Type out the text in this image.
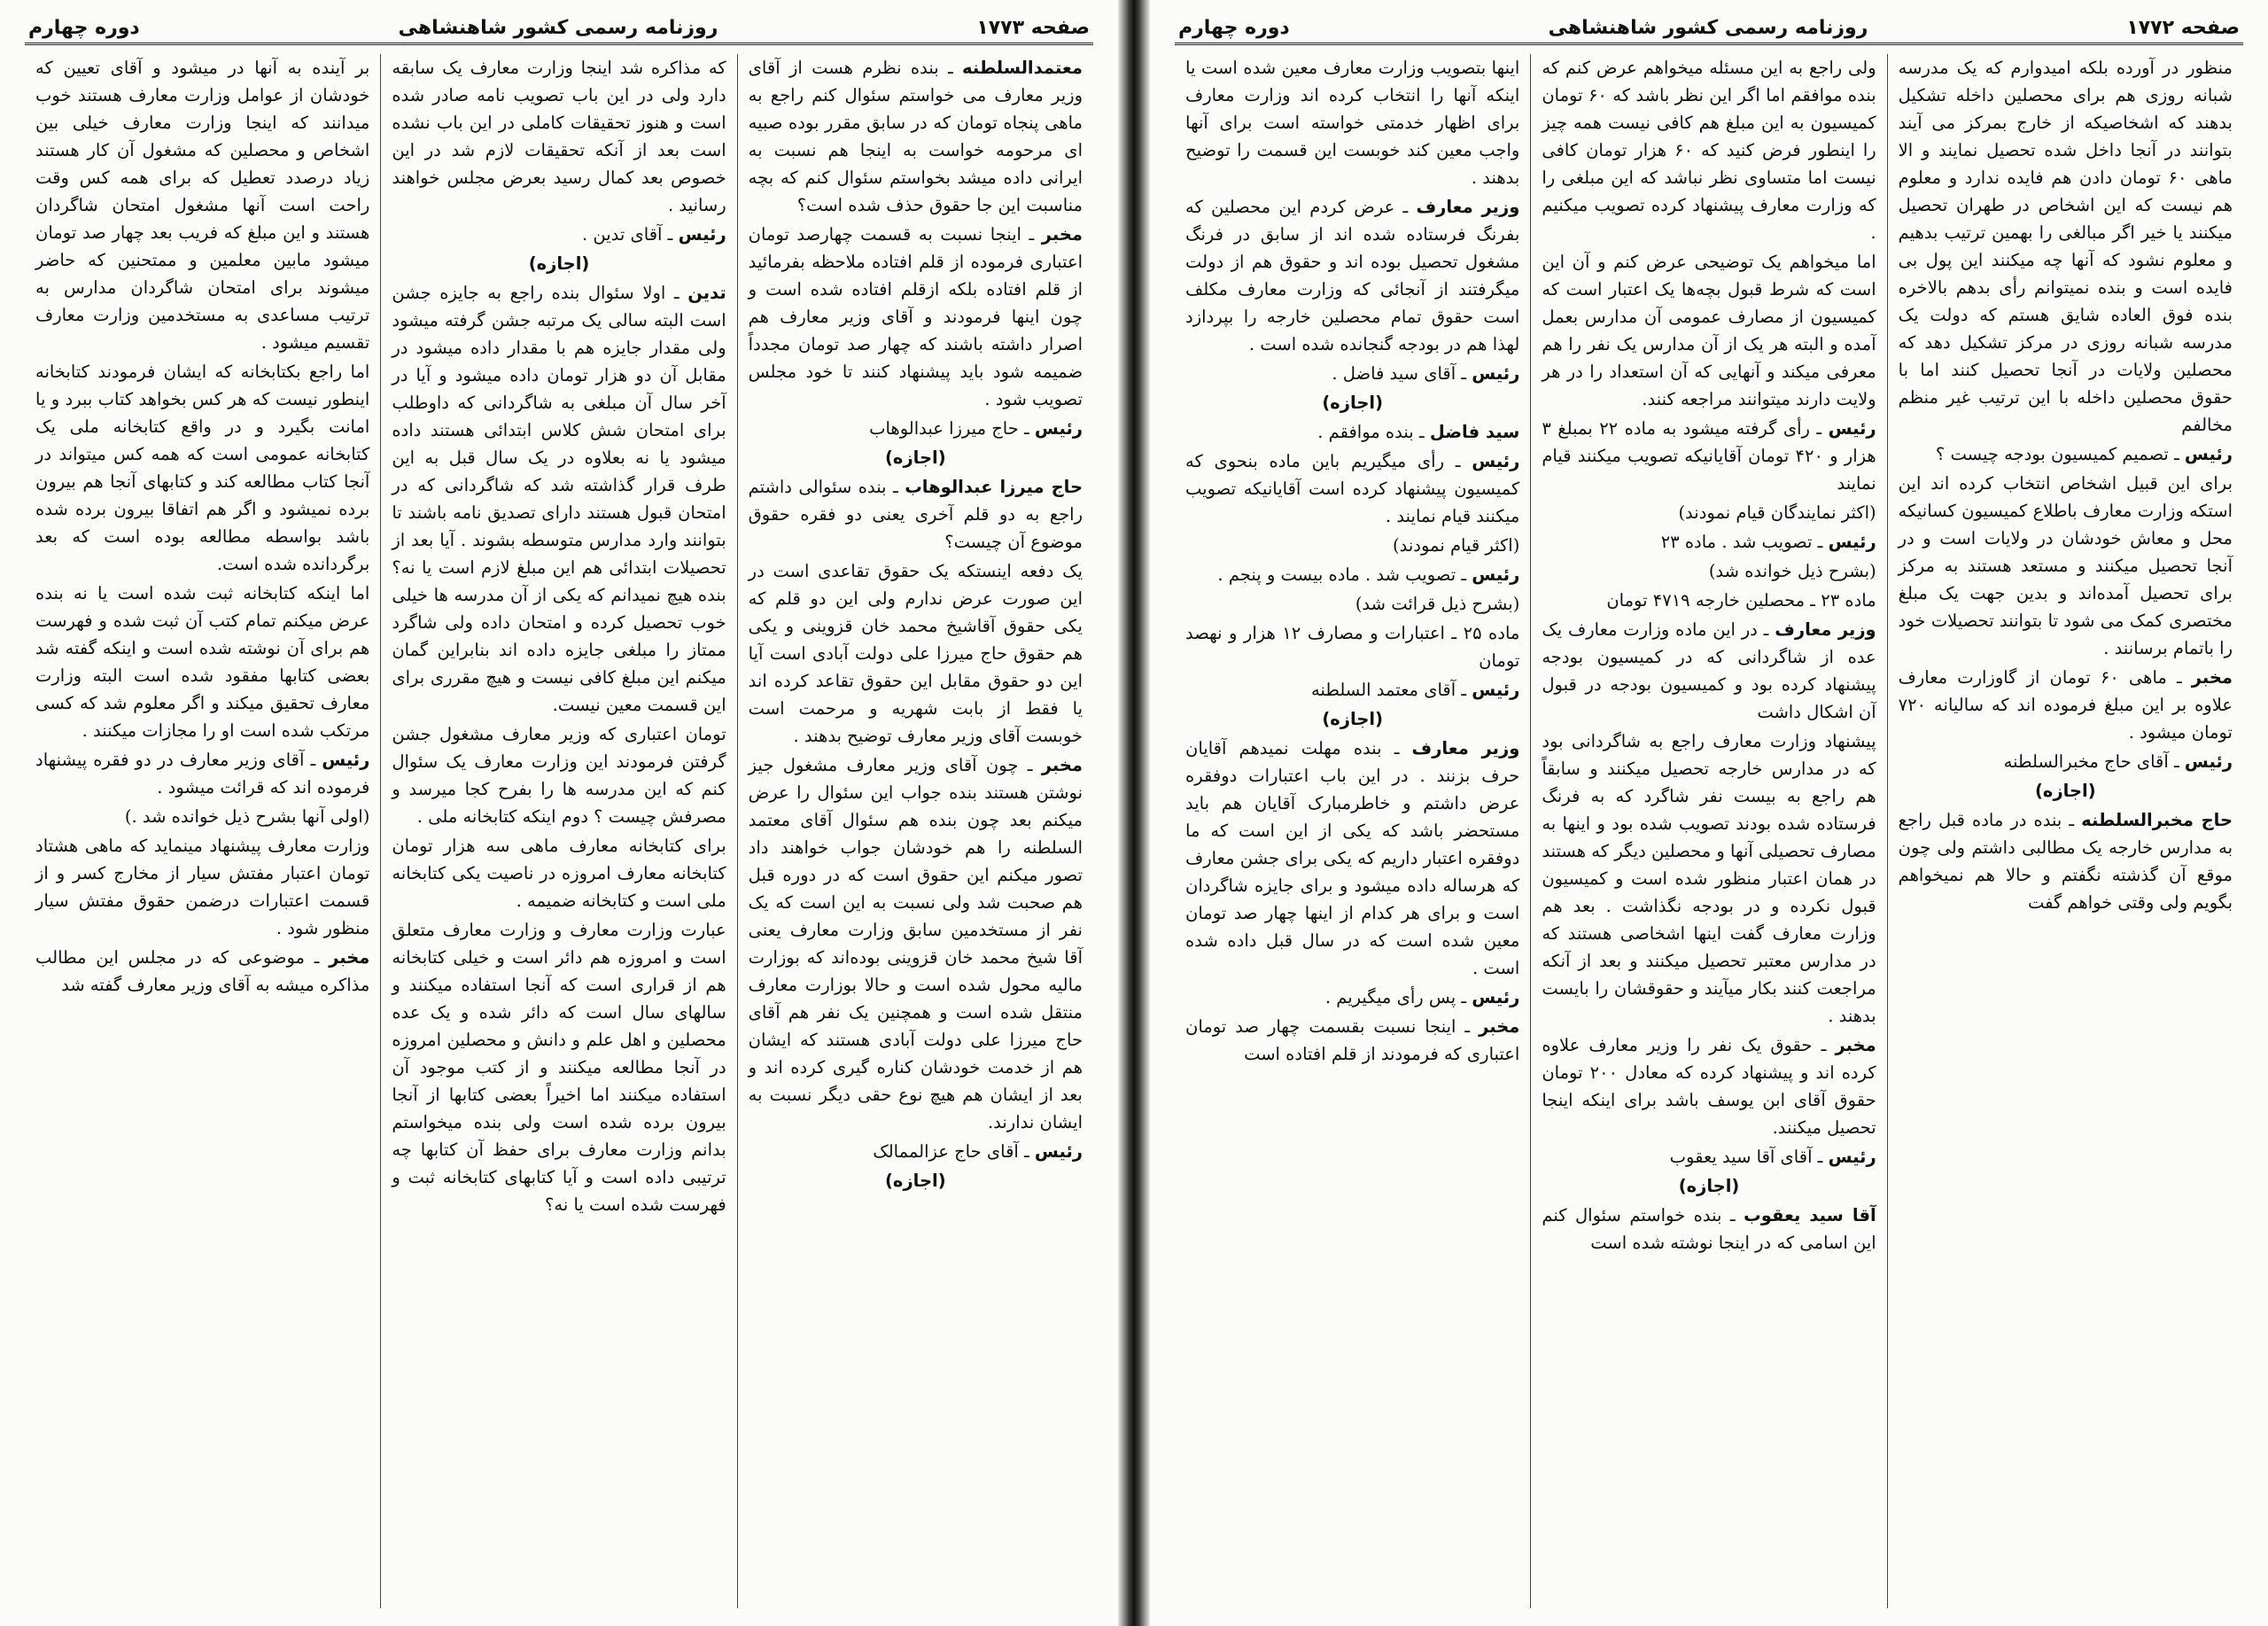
صفحه ۱۷۷۳
روزنامه رسمی کشور شاهنشاهی
دوره چهارم

معتمدالسلطنه ـ بنده نظرم هست از آقای وزیر معارف می خواستم سئوال کنم راجع به ماهی پنجاه تومان که در سابق مقرر بوده صبیه ای مرحومه خواست به اینجا هم نسبت به ایرانی داده میشد بخواستم سئوال کنم که بچه مناسبت این جا حقوق حذف شده است؟

مخبر ـ اینجا نسبت به قسمت چهارصد تومان اعتباری فرموده از قلم افتاده ملاحظه بفرمائید از قلم افتاده بلکه ازقلم افتاده شده است و چون اینها فرمودند و آقای وزیر معارف هم اصرار داشته باشند که چهار صد تومان مجدداً ضمیمه شود باید پیشنهاد کنند تا خود مجلس تصویب شود .

رئیس ـ حاج میرزا عبدالوهاب

(اجازه)

حاج میرزا عبدالوهاب ـ بنده سئوالی داشتم راجع به دو قلم آخری یعنی دو فقره حقوق موضوع آن چیست؟

یک دفعه اینستکه یک حقوق تقاعدی است در این صورت عرض ندارم ولی این دو قلم که یکی حقوق آقاشیخ محمد خان قزوینی و یکی هم حقوق حاج میرزا علی دولت آبادی است آیا این دو حقوق مقابل این حقوق تقاعد کرده اند یا فقط از بابت شهریه و مرحمت است خوبست آقای وزیر معارف توضیح بدهند .

مخبر ـ چون آقای وزیر معارف مشغول جیز نوشتن هستند بنده جواب این سئوال را عرض میکنم بعد چون بنده هم سئوال آقای معتمد السلطنه را هم خودشان جواب خواهند داد تصور میکنم این حقوق است که در دوره قبل هم صحبت شد ولی نسبت به این است که یک نفر از مستخدمین سابق وزارت معارف یعنی آقا شیخ محمد خان قزوینی بوده‌اند که بوزارت مالیه محول شده است و حالا بوزارت معارف منتقل شده است و همچنین یک نفر هم آقای حاج میرزا علی دولت آبادی هستند که ایشان هم از خدمت خودشان کناره گیری کرده اند و بعد از ایشان هم هیچ نوع حقی دیگر نسبت به ایشان ندارند.

رئیس ـ آقای حاج عزالممالک

(اجازه)

که مذاکره شد اینجا وزارت معارف یک سابقه دارد ولی در این باب تصویب نامه صادر شده است و هنوز تحقیقات کاملی در این باب نشده است بعد از آنکه تحقیقات لازم شد در این خصوص بعد کمال رسید بعرض مجلس خواهند رسانید .

رئیس ـ آقای تدین .

(اجازه)

تدین ـ اولا سئوال بنده راجع به جایزه جشن است البته سالی یک مرتبه جشن گرفته میشود ولی مقدار جایزه هم با مقدار داده میشود در مقابل آن دو هزار تومان داده میشود و آیا در آخر سال آن مبلغی به شاگردانی که داوطلب برای امتحان شش کلاس ابتدائی هستند داده میشود یا نه بعلاوه در یک سال قبل به این طرف قرار گذاشته شد که شاگردانی که در امتحان قبول هستند دارای تصدیق نامه باشند تا بتوانند وارد مدارس متوسطه بشوند . آیا بعد از تحصیلات ابتدائی هم این مبلغ لازم است یا نه؟ بنده هیچ نمیدانم که یکی از آن مدرسه ها خیلی خوب تحصیل کرده و امتحان داده ولی شاگرد ممتاز را مبلغی جایزه داده اند بنابراین گمان میکنم این مبلغ کافی نیست و هیچ مقرری برای این قسمت معین نیست.

تومان اعتباری که وزیر معارف مشغول جشن گرفتن فرمودند این وزارت معارف یک سئوال کنم که این مدرسه ها را بفرح کجا میرسد و مصرفش چیست ؟ دوم اینکه کتابخانه ملی .

برای کتابخانه معارف ماهی سه هزار تومان کتابخانه معارف امروزه در ناصیت یکی کتابخانه ملی است و کتابخانه ضمیمه .

عبارت وزارت معارف و وزارت معارف متعلق است و امروزه هم دائر است و خیلی کتابخانه هم از قراری است که آنجا استفاده میکنند و سالهای سال است که دائر شده و یک عده محصلین و اهل علم و دانش و محصلین امروزه در آنجا مطالعه میکنند و از کتب موجود آن استفاده میکنند اما اخیراً بعضی کتابها از آنجا بیرون برده شده است ولی بنده میخواستم بدانم وزارت معارف برای حفظ آن کتابها چه ترتیبی داده است و آیا کتابهای کتابخانه ثبت و فهرست شده است یا نه؟

بر آینده به آنها در میشود و آقای تعیین که خودشان از عوامل وزارت معارف هستند خوب میدانند که اینجا وزارت معارف خیلی بین اشخاص و محصلین که مشغول آن کار هستند زیاد درصدد تعطیل که برای همه کس وقت راحت است آنها مشغول امتحان شاگردان هستند و این مبلغ که فریب بعد چهار صد تومان میشود مابین معلمین و ممتحنین که حاضر میشوند برای امتحان شاگردان مدارس به ترتیب مساعدی به مستخدمین وزارت معارف تقسیم میشود .

اما راجع بکتابخانه که ایشان فرمودند کتابخانه اینطور نیست که هر کس بخواهد کتاب ببرد و یا امانت بگیرد و در واقع کتابخانه ملی یک کتابخانه عمومی است که همه کس میتواند در آنجا کتاب مطالعه کند و کتابهای آنجا هم بیرون برده نمیشود و اگر هم اتفاقا بیرون برده شده باشد بواسطه مطالعه بوده است که بعد برگردانده شده است.

اما اینکه کتابخانه ثبت شده است یا نه بنده عرض میکنم تمام کتب آن ثبت شده و فهرست هم برای آن نوشته شده است و اینکه گفته شد بعضی کتابها مفقود شده است البته وزارت معارف تحقیق میکند و اگر معلوم شد که کسی مرتکب شده است او را مجازات میکنند .

رئیس ـ آقای وزیر معارف در دو فقره پیشنهاد فرموده اند که قرائت میشود .

(اولی آنها بشرح ذیل خوانده شد .)

وزارت معارف پیشنهاد مینماید که ماهی هشتاد تومان اعتبار مفتش سیار از مخارج کسر و از قسمت اعتبارات درضمن حقوق مفتش سیار منظور شود .

مخبر ـ موضوعی که در مجلس این مطالب مذاکره میشه به آقای وزیر معارف گفته شد

صفحه ۱۷۷۲
روزنامه رسمی کشور شاهنشاهی
دوره چهارم

منظور در آورده بلکه امیدوارم که یک مدرسه شبانه روزی هم برای محصلین داخله تشکیل بدهند که اشخاصیکه از خارج بمرکز می آیند بتوانند در آنجا داخل شده تحصیل نمایند و الا ماهی ۶۰ تومان دادن هم فایده ندارد و معلوم هم نیست که این اشخاص در طهران تحصیل میکنند یا خیر اگر مبالغی را بهمین ترتیب بدهیم و معلوم نشود که آنها چه میکنند این پول بی فایده است و بنده نمیتوانم رأی بدهم بالاخره بنده فوق العاده شایق هستم که دولت یک مدرسه شبانه روزی در مرکز تشکیل دهد که محصلین ولایات در آنجا تحصیل کنند اما با حقوق محصلین داخله با این ترتیب غیر منظم مخالفم

رئیس ـ تصمیم کمیسیون بودجه چیست ؟

برای این قبیل اشخاص انتخاب کرده اند این استکه وزارت معارف باطلاع کمیسیون کسانیکه محل و معاش خودشان در ولایات است و در آنجا تحصیل میکنند و مستعد هستند به مرکز برای تحصیل آمده‌اند و بدین جهت یک مبلغ مختصری کمک می شود تا بتوانند تحصیلات خود را باتمام برسانند .

مخبر ـ ماهی ۶۰ تومان از گاوزارت معارف علاوه بر این مبلغ فرموده اند که سالیانه ۷۲۰ تومان میشود .

رئیس ـ آقای حاج مخبرالسلطنه

(اجازه)

حاج مخبرالسلطنه ـ بنده در ماده قبل راجع به مدارس خارجه یک مطالبی داشتم ولی چون موقع آن گذشته نگفتم و حالا هم نمیخواهم بگویم ولی وقتی خواهم گفت

ولی راجع به این مسئله میخواهم عرض کنم که بنده موافقم اما اگر این نظر باشد که ۶۰ تومان کمیسیون به این مبلغ هم کافی نیست همه چیز را اینطور فرض کنید که ۶۰ هزار تومان کافی نیست اما متساوی نظر نباشد که این مبلغی را که وزارت معارف پیشنهاد کرده تصویب میکنیم .

اما میخواهم یک توضیحی عرض کنم و آن این است که شرط قبول بچه‌ها یک اعتبار است که کمیسیون از مصارف عمومی آن مدارس بعمل آمده و البته هر یک از آن مدارس یک نفر را هم معرفی میکند و آنهایی که آن استعداد را در هر ولایت دارند میتوانند مراجعه کنند.

رئیس ـ رأی گرفته میشود به ماده ۲۲ بمبلغ ۳ هزار و ۴۲۰ تومان آقایانیکه تصویب میکنند قیام نمایند

(اکثر نمایندگان قیام نمودند)

رئیس ـ تصویب شد . ماده ۲۳

(بشرح ذیل خوانده شد)

ماده ۲۳ ـ محصلین خارجه ۴۷۱۹ تومان

وزیر معارف ـ در این ماده وزارت معارف یک عده از شاگردانی که در کمیسیون بودجه پیشنهاد کرده بود و کمیسیون بودجه در قبول آن اشکال داشت

پیشنهاد وزارت معارف راجع به شاگردانی بود که در مدارس خارجه تحصیل میکنند و سابقاً هم راجع به بیست نفر شاگرد که به فرنگ فرستاده شده بودند تصویب شده بود و اینها به مصارف تحصیلی آنها و محصلین دیگر که هستند در همان اعتبار منظور شده است و کمیسیون قبول نکرده و در بودجه نگذاشت . بعد هم وزارت معارف گفت اینها اشخاصی هستند که در مدارس معتبر تحصیل میکنند و بعد از آنکه مراجعت کنند بکار میآیند و حقوقشان را بایست بدهند .

مخبر ـ حقوق یک نفر را وزیر معارف علاوه کرده اند و پیشنهاد کرده که معادل ۲۰۰ تومان حقوق آقای ابن یوسف باشد برای اینکه اینجا تحصیل میکنند.

رئیس ـ آقای آقا سید یعقوب

(اجازه)

آقا سید یعقوب ـ بنده خواستم سئوال کنم این اسامی که در اینجا نوشته شده است

اینها بتصویب وزارت معارف معین شده است یا اینکه آنها را انتخاب کرده اند وزارت معارف برای اظهار خدمتی خواسته است برای آنها واجب معین کند خوبست این قسمت را توضیح بدهند .

وزیر معارف ـ عرض کردم این محصلین که بفرنگ فرستاده شده اند از سابق در فرنگ مشغول تحصیل بوده اند و حقوق هم از دولت میگرفتند از آنجائی که وزارت معارف مکلف است حقوق تمام محصلین خارجه را بپردازد لهذا هم در بودجه گنجانده شده است .

رئیس ـ آقای سید فاضل .

(اجازه)

سید فاضل ـ بنده موافقم .

رئیس ـ رأی میگیریم باین ماده بنحوی که کمیسیون پیشنهاد کرده است آقایانیکه تصویب میکنند قیام نمایند .

(اکثر قیام نمودند)

رئیس ـ تصویب شد . ماده بیست و پنجم .

(بشرح ذیل قرائت شد)

ماده ۲۵ ـ اعتبارات و مصارف ۱۲ هزار و نهصد تومان

رئیس ـ آقای معتمد السلطنه

(اجازه)

وزیر معارف ـ بنده مهلت نمیدهم آقایان حرف بزنند . در این باب اعتبارات دوفقره عرض داشتم و خاطرمبارک آقایان هم باید مستحضر باشد که یکی از این است که ما دوفقره اعتبار داریم که یکی برای جشن معارف که هرساله داده میشود و برای جایزه شاگردان است و برای هر کدام از اینها چهار صد تومان معین شده است که در سال قبل داده شده است .

رئیس ـ پس رأی میگیریم .

مخبر ـ اینجا نسبت بقسمت چهار صد تومان اعتباری که فرمودند از قلم افتاده است
